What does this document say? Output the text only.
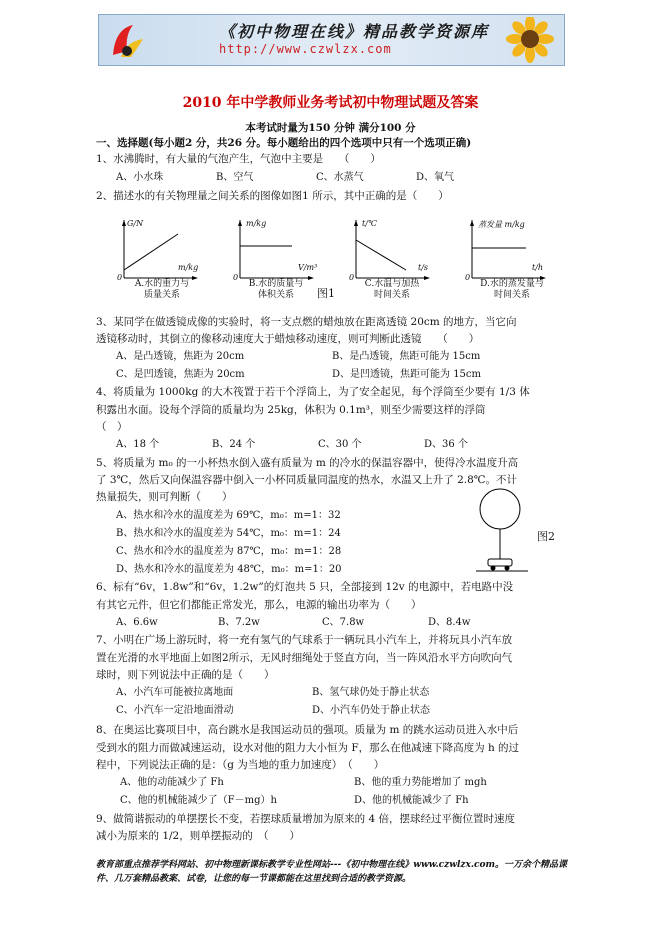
《初中物理在线》精品教学资源库
http://www.czwlzx.com
2010 年中学教师业务考试初中物理试题及答案
本考试时量为150 分钟 满分100 分
一、选择题(每小题2 分，共26 分。每小题给出的四个选项中只有一个选项正确)
1、水沸腾时，有大量的气泡产生，气泡中主要是　　（　　）
A、小水珠	B、空气	C、水蒸气	D、氧气
2、描述水的有关物理量之间关系的图像如图1 所示，其中正确的是（　　）
G/N
m/kg
0
A.水的重力与
质量关系
m/kg
V/m³
0
B.水的质量与
体积关系	图1
t/℃
t/s
0
C.水温与加热
时间关系
蒸发量 m/kg
t/h
0
D.水的蒸发量与
时间关系
3、某同学在做透镜成像的实验时，将一支点燃的蜡烛放在距离透镜 20cm 的地方，当它向
透镜移动时，其倒立的像移动速度大于蜡烛移动速度，则可判断此透镜　　（　　）
A、是凸透镜，焦距为 20cm	B、是凸透镜，焦距可能为 15cm
C、是凹透镜，焦距为 20cm	D、是凹透镜，焦距可能为 15cm
4、将质量为 1000kg 的大木筏置于若干个浮筒上，为了安全起见，每个浮筒至少要有 1/3 体
积露出水面。设每个浮筒的质量均为 25kg，体积为 0.1m³，则至少需要这样的浮筒
（　）
A、18 个	B、24 个	C、30 个	D、36 个
5、将质量为 m₀ 的一小杯热水倒入盛有质量为 m 的冷水的保温容器中，使得冷水温度升高
了 3℃，然后又向保温容器中倒入一小杯同质量同温度的热水，水温又上升了 2.8℃。不计
热量损失，则可判断（　　）
A、热水和冷水的温度差为 69℃，m₀：m=1：32
B、热水和冷水的温度差为 54℃，m₀：m=1：24
C、热水和冷水的温度差为 87℃，m₀：m=1：28
D、热水和冷水的温度差为 48℃，m₀：m=1：20
图2
6、标有“6v，1.8w”和“6v，1.2w”的灯泡共 5 只，全部接到 12v 的电源中，若电路中没
有其它元件，但它们都能正常发光，那么，电源的输出功率为（　　）
A、6.6w	B、7.2w	C、7.8w	D、8.4w
7、小明在广场上游玩时，将一充有氢气的气球系于一辆玩具小汽车上，并将玩具小汽车放
置在光滑的水平地面上如图2所示，无风时细绳处于竖直方向，当一阵风沿水平方向吹向气
球时，则下列说法中正确的是（　　）
A、小汽车可能被拉离地面	B、氢气球仍处于静止状态
C、小汽车一定沿地面滑动	D、小汽车仍处于静止状态
8、在奥运比赛项目中，高台跳水是我国运动员的强项。质量为 m 的跳水运动员进入水中后
受到水的阻力而做减速运动，设水对他的阻力大小恒为 F，那么在他减速下降高度为 h 的过
程中，下列说法正确的是：（g 为当地的重力加速度）　（　　）
A、他的动能减少了 Fh	B、他的重力势能增加了 mgh
C、他的机械能减少了（F－mg）h	D、他的机械能减少了 Fh
9、做简谐振动的单摆摆长不变，若摆球质量增加为原来的 4 倍，摆球经过平衡位置时速度
减小为原来的 1/2，则单摆振动的　（　　）
教育部重点推荐学科网站、初中物理新课标教学专业性网站---《初中物理在线》www.czwlzx.com。一万余个精品课件、几万套精品教案、试卷，让您的每一节课都能在这里找到合适的教学资源。
